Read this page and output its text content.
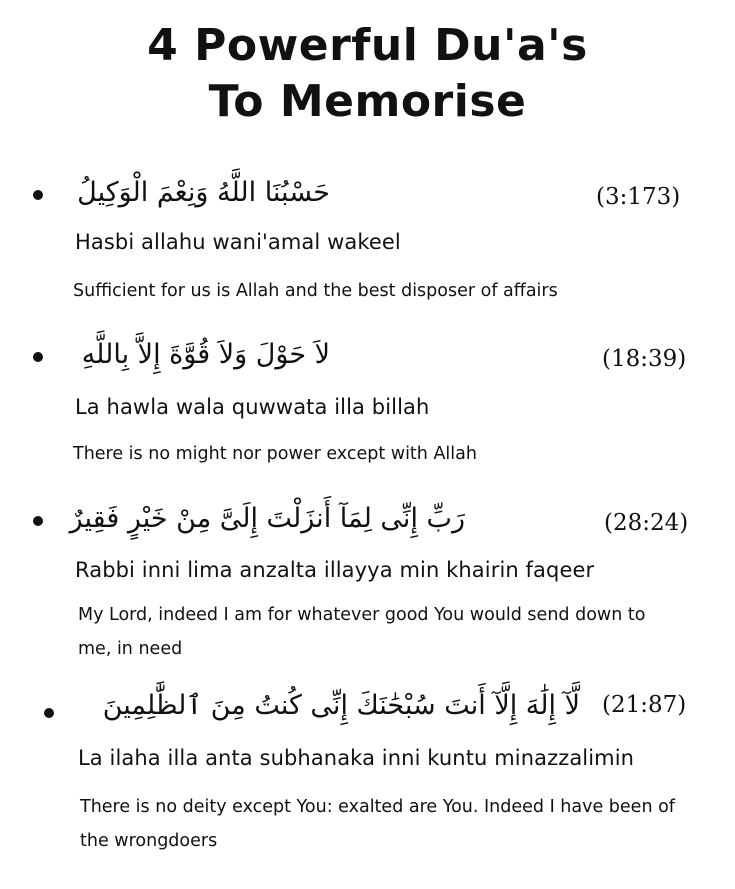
4 Powerful Du'a's
To Memorise
حَسْبُنَا اللَّهُ وَنِعْمَ الْوَكِيلُ	(3:173)
Hasbi allahu wani'amal wakeel
Sufficient for us is Allah and the best disposer of affairs
لاَ حَوْلَ وَلاَ قُوَّةَ إِلاَّ بِاللَّهِ	(18:39)
La hawla wala quwwata illa billah
There is no might nor power except with Allah
رَبِّ إِنِّى لِمَآ أَنزَلْتَ إِلَىَّ مِنْ خَيْرٍ فَقِيرٌ	(28:24)
Rabbi inni lima anzalta illayya min khairin faqeer
My Lord, indeed I am for whatever good You would send down to me, in need
لَّآ إِلَٰهَ إِلَّآ أَنتَ سُبْحَٰنَكَ إِنِّى كُنتُ مِنَ ٱلظَّٰلِمِينَ (21:87)
La ilaha illa anta subhanaka inni kuntu minazzalimin
There is no deity except You: exalted are You. Indeed I have been of the wrongdoers
